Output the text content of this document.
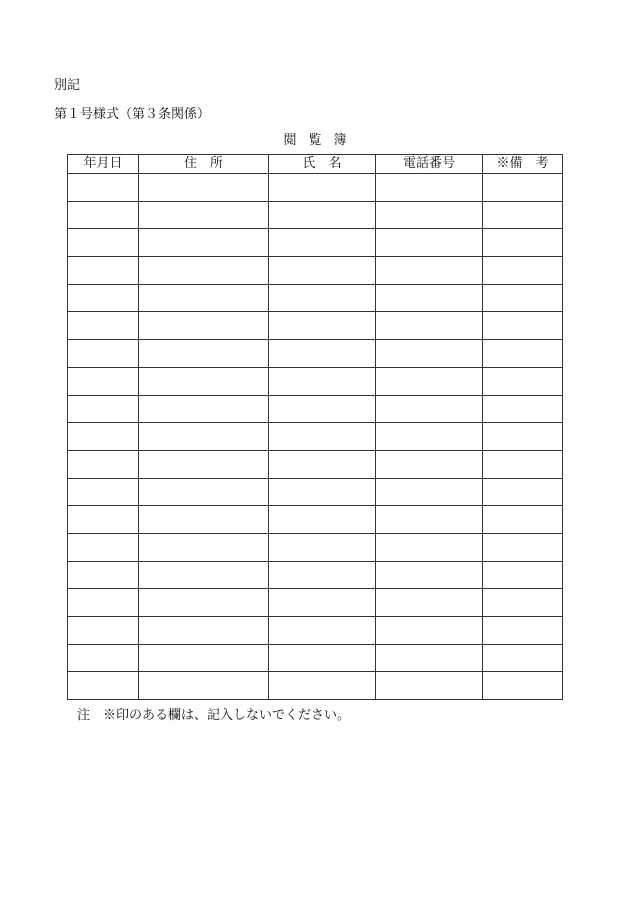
別記
第１号様式（第３条関係）
閲覧簿
年月日	住　所	氏　名	電話番号	※備　考

注　※印のある欄は、記入しないでください。
